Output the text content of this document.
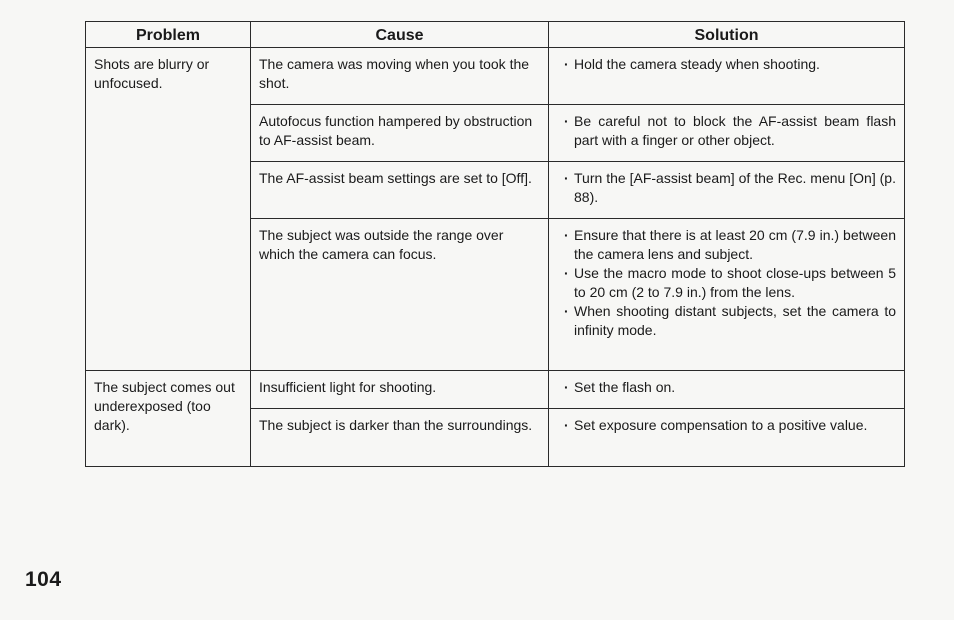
Problem	Cause	Solution
Shots are blurry or unfocused.	The camera was moving when you took the shot.	· Hold the camera steady when shooting.

	Autofocus function hampered by obstruction to AF-assist beam.	· Be careful not to block the AF-assist beam flash part with a finger or other object.

	The AF-assist beam settings are set to [Off].	· Turn the [AF-assist beam] of the Rec. menu [On] (p. 88).

	The subject was outside the range over which the camera can focus.	· Ensure that there is at least 20 cm (7.9 in.) between the camera lens and subject.
· Use the macro mode to shoot close-ups between 5 to 20 cm (2 to 7.9 in.) from the lens.
· When shooting distant subjects, set the camera to infinity mode.

The subject comes out underexposed (too dark).	Insufficient light for shooting.	· Set the flash on.

	The subject is darker than the surroundings.	· Set exposure compensation to a positive value.
104
